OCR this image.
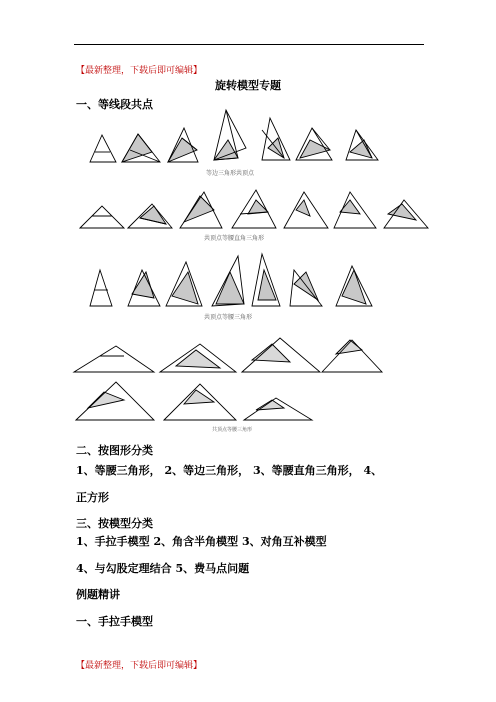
【最新整理，下载后即可编辑】
旋转模型专题
一、等线段共点
等边三角形共顶点
共顶点等腰直角三角形
共顶点等腰三角形
共顶点等腰三角形
二、按图形分类
1、等腰三角形， 2、等边三角形， 3、等腰直角三角形， 4、
正方形
三、按模型分类
1、手拉手模型 2、角含半角模型 3、对角互补模型
4、与勾股定理结合 5、费马点问题
例题精讲
一、手拉手模型
【最新整理，下载后即可编辑】
